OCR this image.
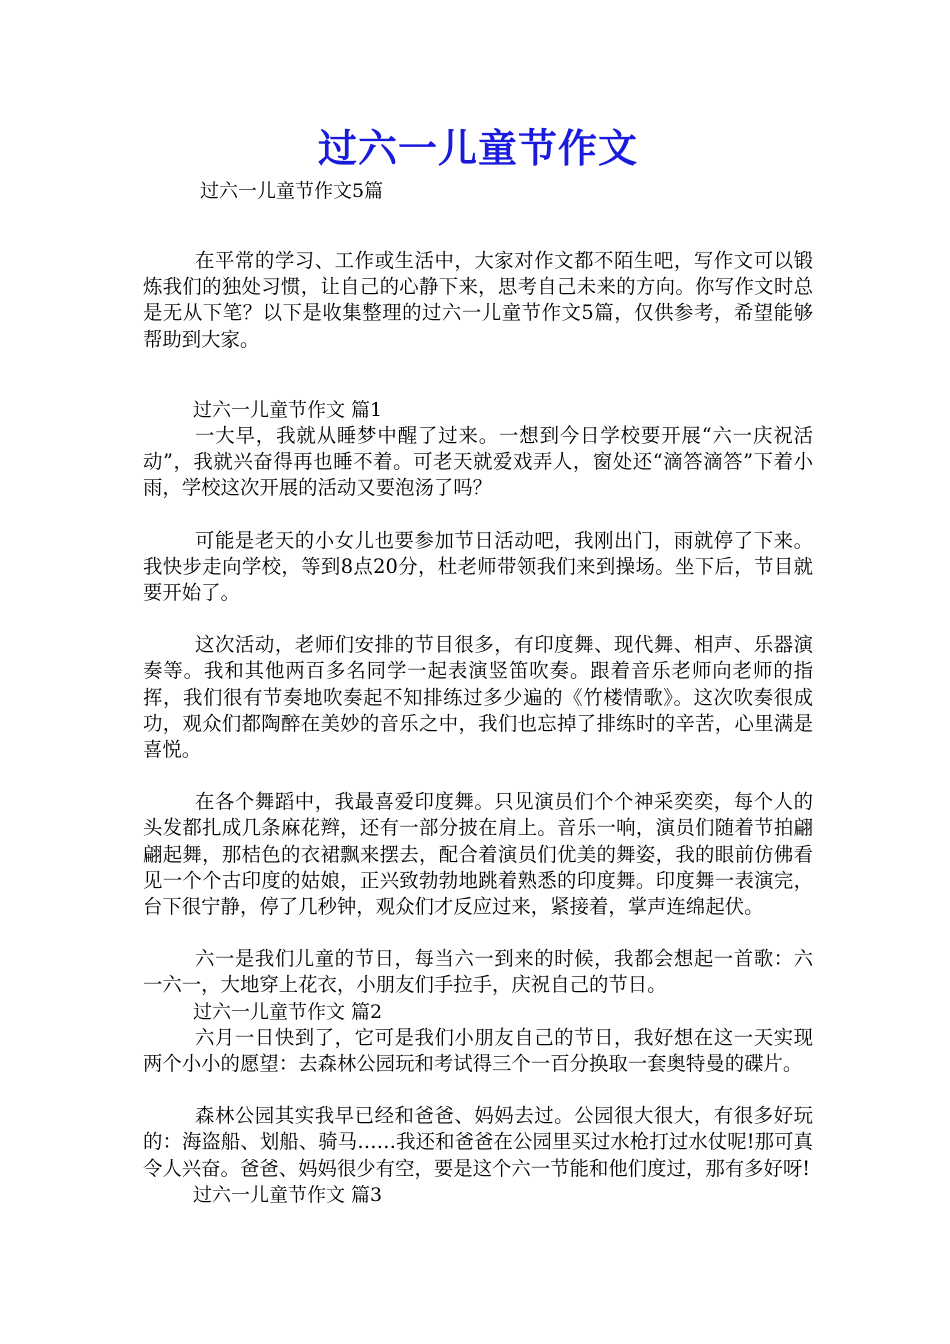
过六一儿童节作文

过六一儿童节作文5篇

在平常的学习、工作或生活中，大家对作文都不陌生吧，写作文可以锻炼我们的独处习惯，让自己的心静下来，思考自己未来的方向。你写作文时总是无从下笔？以下是收集整理的过六一儿童节作文5篇，仅供参考，希望能够帮助到大家。

过六一儿童节作文 篇1

一大早，我就从睡梦中醒了过来。一想到今日学校要开展“六一庆祝活动”，我就兴奋得再也睡不着。可老天就爱戏弄人，窗处还“滴答滴答”下着小雨，学校这次开展的活动又要泡汤了吗？

可能是老天的小女儿也要参加节日活动吧，我刚出门，雨就停了下来。我快步走向学校，等到8点20分，杜老师带领我们来到操场。坐下后，节目就要开始了。

这次活动，老师们安排的节目很多，有印度舞、现代舞、相声、乐器演奏等。我和其他两百多名同学一起表演竖笛吹奏。跟着音乐老师向老师的指挥，我们很有节奏地吹奏起不知排练过多少遍的《竹楼情歌》。这次吹奏很成功，观众们都陶醉在美妙的音乐之中，我们也忘掉了排练时的辛苦，心里满是喜悦。

在各个舞蹈中，我最喜爱印度舞。只见演员们个个神采奕奕，每个人的头发都扎成几条麻花辫，还有一部分披在肩上。音乐一响，演员们随着节拍翩翩起舞，那桔色的衣裙飘来摆去，配合着演员们优美的舞姿，我的眼前仿佛看见一个个古印度的姑娘，正兴致勃勃地跳着熟悉的印度舞。印度舞一表演完，台下很宁静，停了几秒钟，观众们才反应过来，紧接着，掌声连绵起伏。

六一是我们儿童的节日，每当六一到来的时候，我都会想起一首歌：六一六一，大地穿上花衣，小朋友们手拉手，庆祝自己的节日。

过六一儿童节作文 篇2

六月一日快到了，它可是我们小朋友自己的节日，我好想在这一天实现两个小小的愿望：去森林公园玩和考试得三个一百分换取一套奥特曼的碟片。

森林公园其实我早已经和爸爸、妈妈去过。公园很大很大，有很多好玩的：海盗船、划船、骑马……我还和爸爸在公园里买过水枪打过水仗呢!那可真令人兴奋。爸爸、妈妈很少有空，要是这个六一节能和他们度过，那有多好呀!

过六一儿童节作文 篇3
